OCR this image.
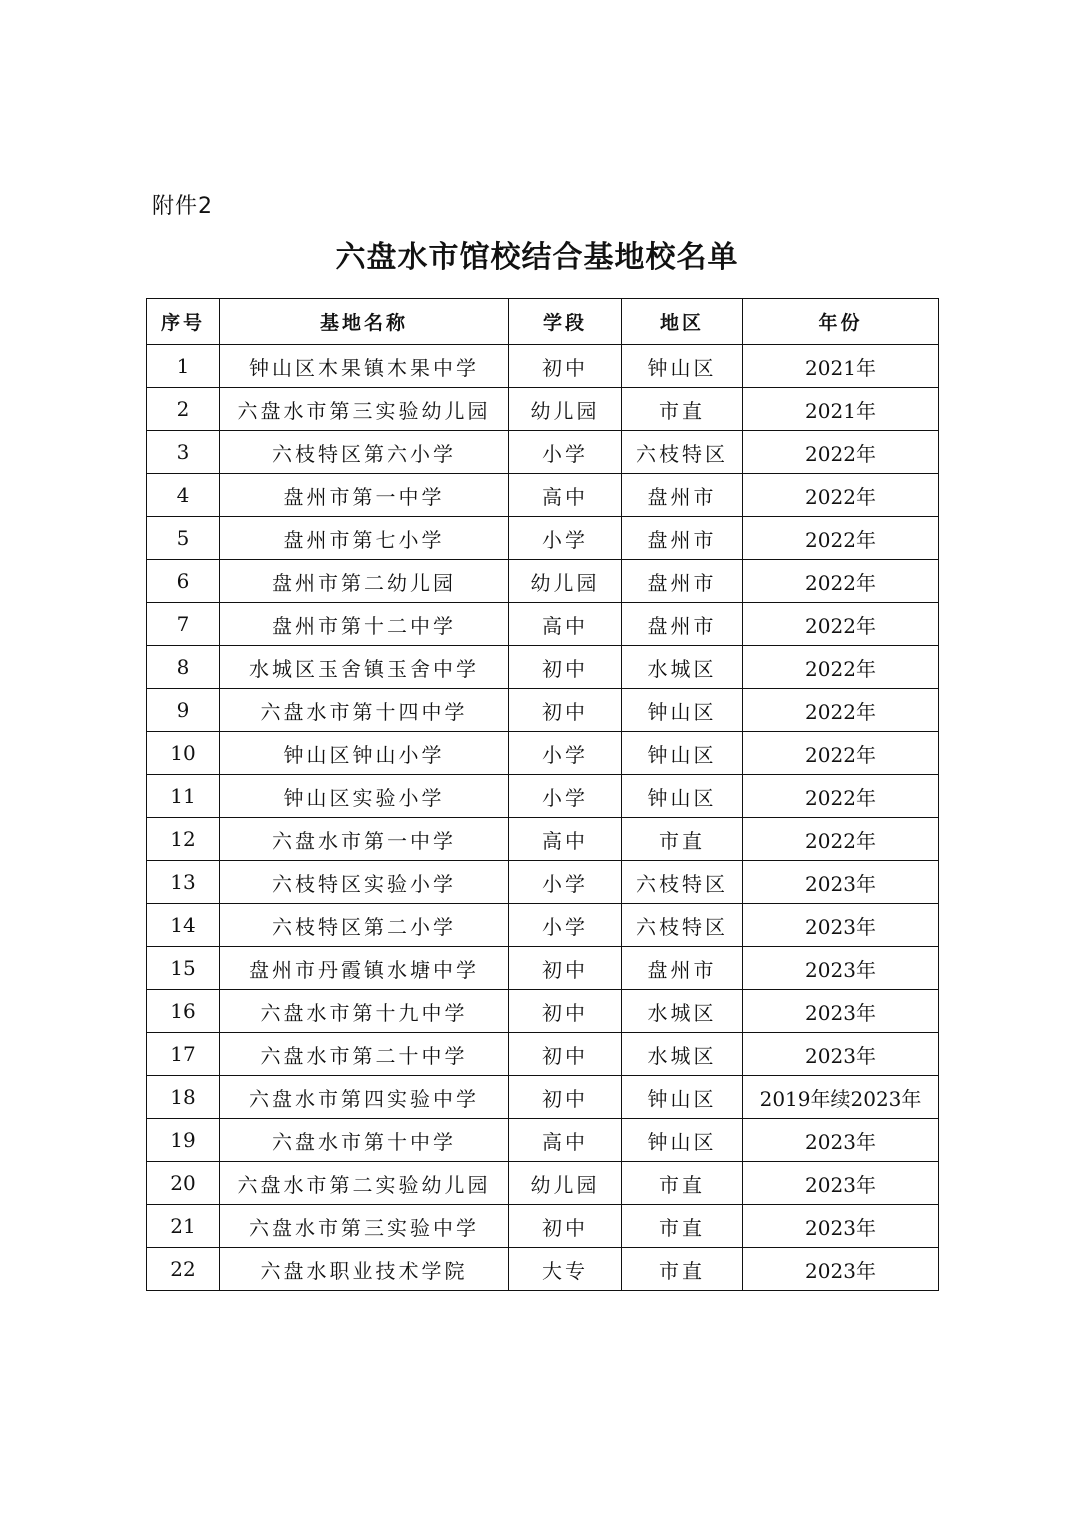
附件2
六盘水市馆校结合基地校名单
序号	基地名称	学段	地区	年份
1	钟山区木果镇木果中学	初中	钟山区	2021年
2	六盘水市第三实验幼儿园	幼儿园	市直	2021年
3	六枝特区第六小学	小学	六枝特区	2022年
4	盘州市第一中学	高中	盘州市	2022年
5	盘州市第七小学	小学	盘州市	2022年
6	盘州市第二幼儿园	幼儿园	盘州市	2022年
7	盘州市第十二中学	高中	盘州市	2022年
8	水城区玉舍镇玉舍中学	初中	水城区	2022年
9	六盘水市第十四中学	初中	钟山区	2022年
10	钟山区钟山小学	小学	钟山区	2022年
11	钟山区实验小学	小学	钟山区	2022年
12	六盘水市第一中学	高中	市直	2022年
13	六枝特区实验小学	小学	六枝特区	2023年
14	六枝特区第二小学	小学	六枝特区	2023年
15	盘州市丹霞镇水塘中学	初中	盘州市	2023年
16	六盘水市第十九中学	初中	水城区	2023年
17	六盘水市第二十中学	初中	水城区	2023年
18	六盘水市第四实验中学	初中	钟山区	2019年续2023年
19	六盘水市第十中学	高中	钟山区	2023年
20	六盘水市第二实验幼儿园	幼儿园	市直	2023年
21	六盘水市第三实验中学	初中	市直	2023年
22	六盘水职业技术学院	大专	市直	2023年
